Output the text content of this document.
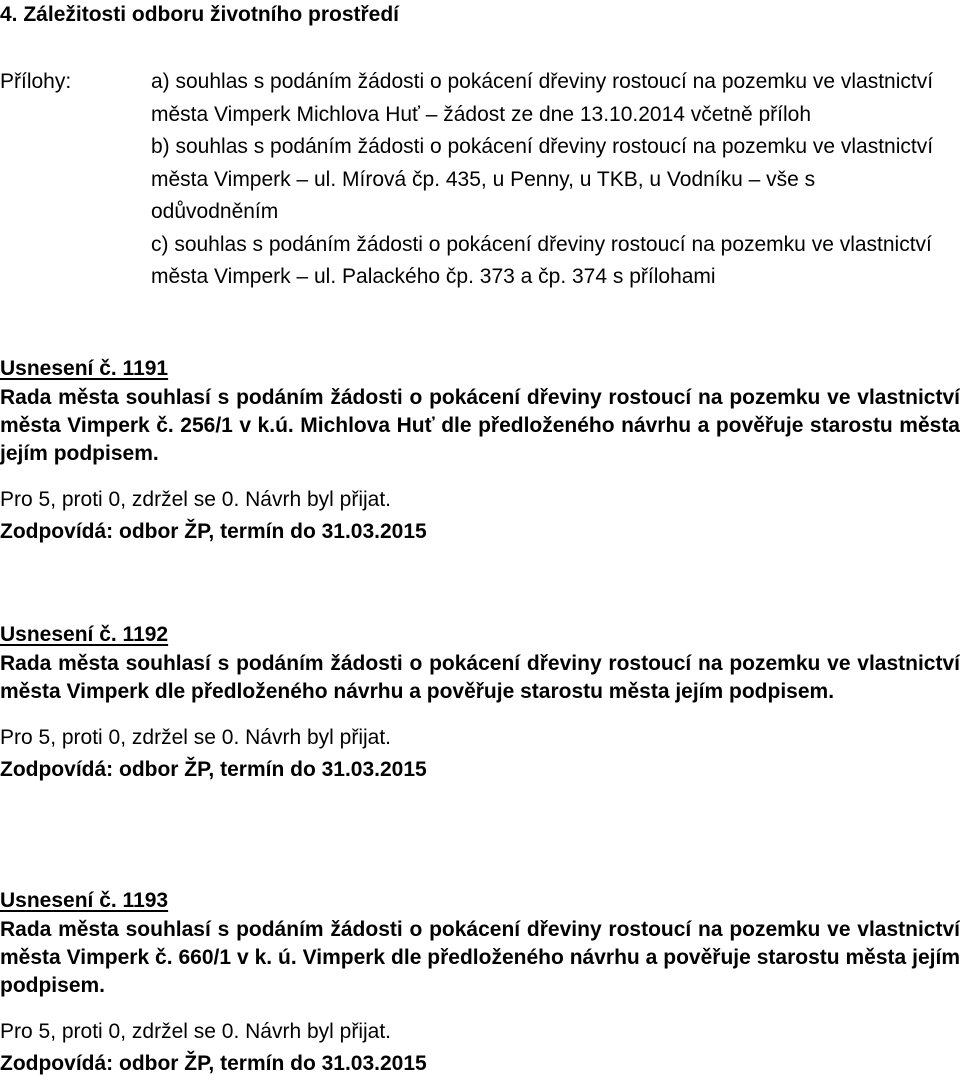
4. Záležitosti odboru životního prostředí
Přílohy:	a) souhlas s podáním žádosti o pokácení dřeviny rostoucí na pozemku ve vlastnictví města Vimperk Michlova Huť – žádost ze dne 13.10.2014 včetně příloh
b) souhlas s podáním žádosti o pokácení dřeviny rostoucí na pozemku ve vlastnictví města Vimperk – ul. Mírová čp. 435, u Penny, u TKB, u Vodníku – vše s odůvodněním
c) souhlas s podáním žádosti o pokácení dřeviny rostoucí na pozemku ve vlastnictví města Vimperk – ul. Palackého čp. 373 a čp. 374 s přílohami
Usnesení č. 1191
Rada města souhlasí s podáním žádosti o pokácení dřeviny rostoucí na pozemku ve vlastnictví města Vimperk č. 256/1 v k.ú. Michlova Huť dle předloženého návrhu a pověřuje starostu města jejím podpisem.
Pro 5, proti 0, zdržel se 0. Návrh byl přijat.
Zodpovídá: odbor ŽP, termín do 31.03.2015
Usnesení č. 1192
Rada města souhlasí s podáním žádosti o pokácení dřeviny rostoucí na pozemku ve vlastnictví města Vimperk dle předloženého návrhu a pověřuje starostu města jejím podpisem.
Pro 5, proti 0, zdržel se 0. Návrh byl přijat.
Zodpovídá: odbor ŽP, termín do 31.03.2015
Usnesení č. 1193
Rada města souhlasí s podáním žádosti o pokácení dřeviny rostoucí na pozemku ve vlastnictví města Vimperk č. 660/1 v k. ú. Vimperk dle předloženého návrhu a pověřuje starostu města jejím podpisem.
Pro 5, proti 0, zdržel se 0. Návrh byl přijat.
Zodpovídá: odbor ŽP, termín do 31.03.2015
